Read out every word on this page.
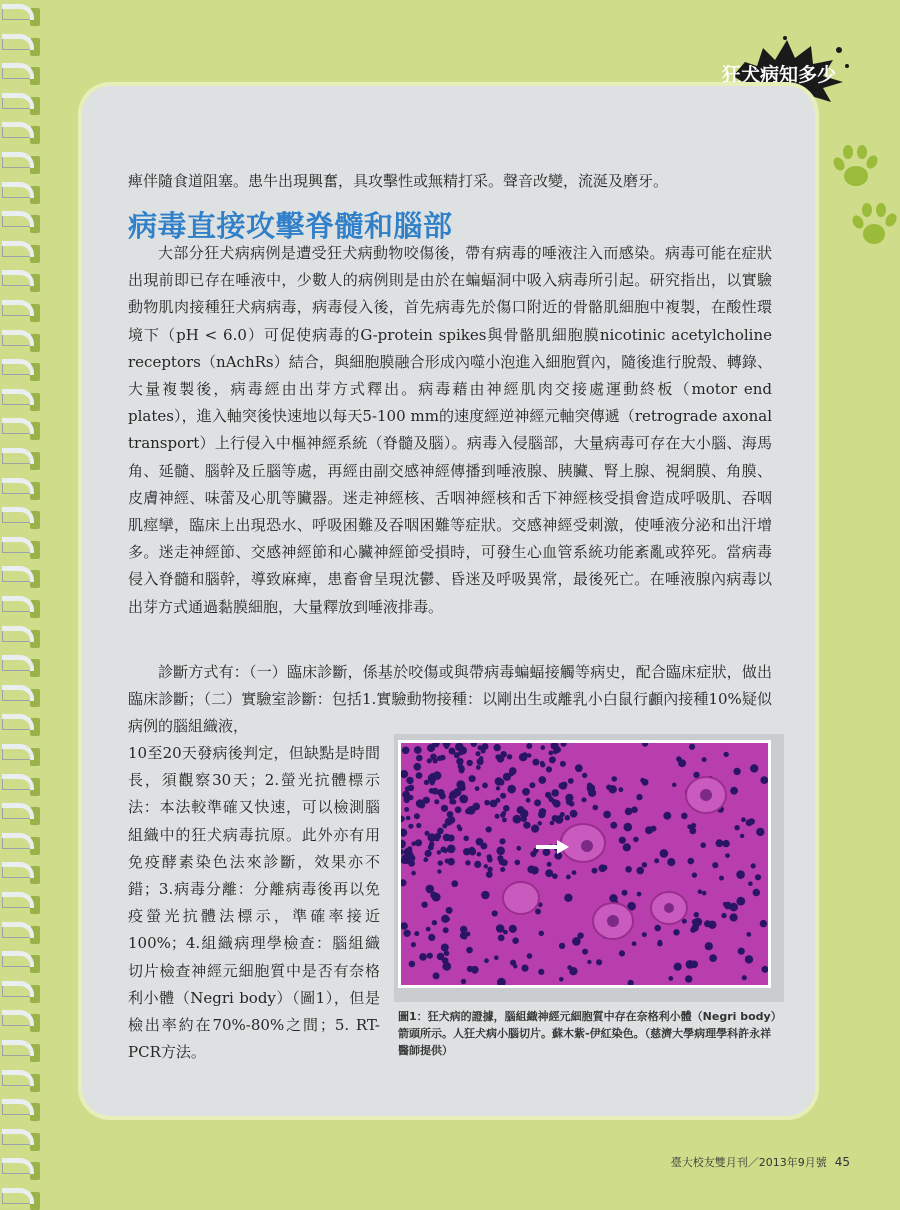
狂犬病知多少
痺伴隨食道阻塞。患牛出現興奮，具攻擊性或無精打采。聲音改變，流涎及磨牙。
病毒直接攻擊脊髓和腦部
大部分狂犬病病例是遭受狂犬病動物咬傷後，帶有病毒的唾液注入而感染。病毒可能在症狀出現前即已存在唾液中，少數人的病例則是由於在蝙蝠洞中吸入病毒所引起。研究指出，以實驗動物肌肉接種狂犬病病毒，病毒侵入後，首先病毒先於傷口附近的骨骼肌細胞中複製，在酸性環境下（pH < 6.0）可促使病毒的G-protein spikes與骨骼肌細胞膜nicotinic acetylcholine receptors（nAchRs）結合，與細胞膜融合形成內噬小泡進入細胞質內，隨後進行脫殼、轉錄、大量複製後，病毒經由出芽方式釋出。病毒藉由神經肌肉交接處運動終板（motor end plates），進入軸突後快速地以每天5-100 mm的速度經逆神經元軸突傳遞（retrograde axonal transport）上行侵入中樞神經系統（脊髓及腦）。病毒入侵腦部，大量病毒可存在大小腦、海馬角、延髓、腦幹及丘腦等處，再經由副交感神經傳播到唾液腺、胰臟、腎上腺、視網膜、角膜、皮膚神經、味蕾及心肌等臟器。迷走神經核、舌咽神經核和舌下神經核受損會造成呼吸肌、吞咽肌痙攣，臨床上出現恐水、呼吸困難及吞咽困難等症狀。交感神經受刺激，使唾液分泌和出汗增多。迷走神經節、交感神經節和心臟神經節受損時，可發生心血管系統功能紊亂或猝死。當病毒侵入脊髓和腦幹，導致麻痺，患畜會呈現沈鬱、昏迷及呼吸異常，最後死亡。在唾液腺內病毒以出芽方式通過黏膜細胞，大量釋放到唾液排毒。
診斷方式有：（一）臨床診斷，係基於咬傷或與帶病毒蝙蝠接觸等病史，配合臨床症狀，做出臨床診斷；（二）實驗室診斷：包括1.實驗動物接種：以剛出生或離乳小白鼠行顱內接種10%疑似病例的腦組織液，
10至20天發病後判定，但缺點是時間長，須觀察30天；2.螢光抗體標示法：本法較準確又快速，可以檢測腦組織中的狂犬病毒抗原。此外亦有用免疫酵素染色法來診斷，效果亦不錯；3.病毒分離：分離病毒後再以免疫螢光抗體法標示，準確率接近100%；4.組織病理學檢查：腦組織切片檢查神經元細胞質中是否有奈格利小體（Negri body）（圖1），但是檢出率約在70%-80%之間；5. RT-PCR方法。
圖1：狂犬病的證據，腦組織神經元細胞質中存在奈格利小體（Negri body）箭頭所示。人狂犬病小腦切片。蘇木紫-伊紅染色。（慈濟大學病理學科許永祥醫師提供）
臺大校友雙月刊／2013年9月號 45
